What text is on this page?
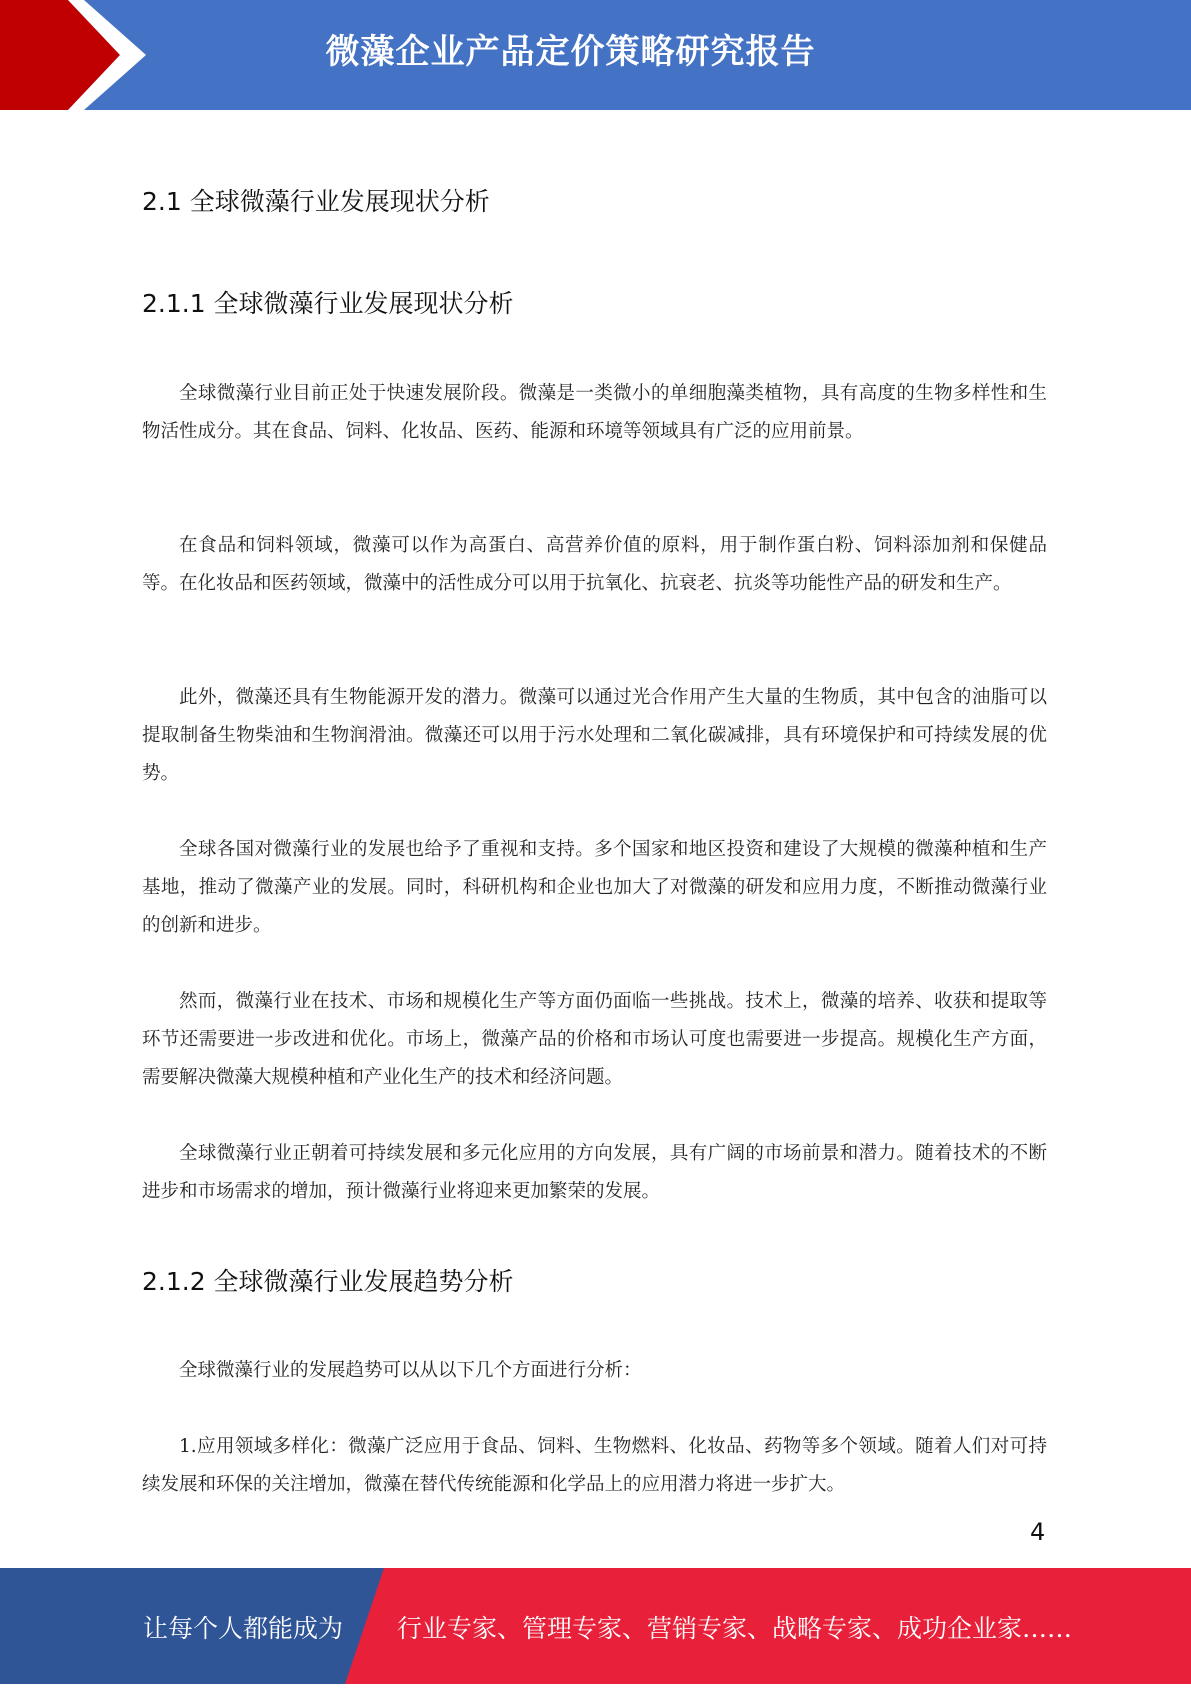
微藻企业产品定价策略研究报告
2.1 全球微藻行业发展现状分析
2.1.1 全球微藻行业发展现状分析
全球微藻行业目前正处于快速发展阶段。微藻是一类微小的单细胞藻类植物，具有高度的生物多样性和生物活性成分。其在食品、饲料、化妆品、医药、能源和环境等领域具有广泛的应用前景。
在食品和饲料领域，微藻可以作为高蛋白、高营养价值的原料，用于制作蛋白粉、饲料添加剂和保健品等。在化妆品和医药领域，微藻中的活性成分可以用于抗氧化、抗衰老、抗炎等功能性产品的研发和生产。
此外，微藻还具有生物能源开发的潜力。微藻可以通过光合作用产生大量的生物质，其中包含的油脂可以提取制备生物柴油和生物润滑油。微藻还可以用于污水处理和二氧化碳减排，具有环境保护和可持续发展的优势。
全球各国对微藻行业的发展也给予了重视和支持。多个国家和地区投资和建设了大规模的微藻种植和生产基地，推动了微藻产业的发展。同时，科研机构和企业也加大了对微藻的研发和应用力度，不断推动微藻行业的创新和进步。
然而，微藻行业在技术、市场和规模化生产等方面仍面临一些挑战。技术上，微藻的培养、收获和提取等环节还需要进一步改进和优化。市场上，微藻产品的价格和市场认可度也需要进一步提高。规模化生产方面，需要解决微藻大规模种植和产业化生产的技术和经济问题。
全球微藻行业正朝着可持续发展和多元化应用的方向发展，具有广阔的市场前景和潜力。随着技术的不断进步和市场需求的增加，预计微藻行业将迎来更加繁荣的发展。
2.1.2 全球微藻行业发展趋势分析
全球微藻行业的发展趋势可以从以下几个方面进行分析：
1.应用领域多样化：微藻广泛应用于食品、饲料、生物燃料、化妆品、药物等多个领域。随着人们对可持续发展和环保的关注增加，微藻在替代传统能源和化学品上的应用潜力将进一步扩大。
4
让每个人都能成为 行业专家、管理专家、营销专家、战略专家、成功企业家……
